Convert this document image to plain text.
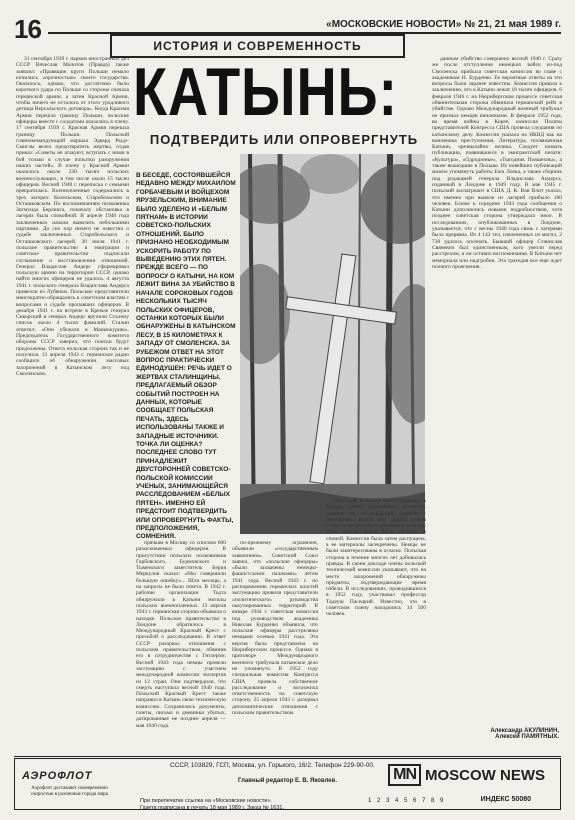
16	«МОСКОВСКИЕ НОВОСТИ» № 21, 21 мая 1989 г.
ИСТОРИЯ И СОВРЕМЕННОСТЬ

31 сентября 1939 г. нарком иностранных дел СССР Вячеслав Молотов (Правда) также заявлял: «Правящие круги Польши немало кичились «прочностью» своего государства. Оказалось, однако, что достаточно было короткого удара по Польше со стороны сначала германской армии, а затем Красной Армии, чтобы ничего не осталось от этого уродливого детища Версальского договора». Когда Красная Армия перешла границу Польши, польские офицеры вместе с солдатами оказались в плену. 17 сентября 1939 г. Красная Армия перешла границу Польши. Польский главнокомандующий маршал Эдвард Рыдз-Смиглы велел предотвратить жертвы, отдав приказ: «Советы не атакуют, вступать с ними в бой только в случае попытки разоружения наших частей». В плену у Красной Армии оказалось около 230 тысяч польских военнослужащих, в том числе около 15 тысяч офицеров. Весной 1940 г. переписка с семьями прекратилась. Военнопленные содержались в трех лагерях: Козельском, Старобельском и Осташковском. По воспоминаниям полковника Зигмунда Берлинга, поначалу обстановка в лагерях была спокойной. В апреле 1940 года заключенных начали вывозить небольшими партиями. До сих пор ничего не известно о судьбе заключенных Старобельского и Осташковского лагерей. 30 июля 1941 г. польское правительство в эмиграции и советское правительство подписали соглашение о восстановлении отношений. Генерал Владислав Андерс сформировал польскую армию на территории СССР, однако найти многих офицеров не удалось. 4 августа 1941 г. польского генерала Владислава Андерса привезли из Лубянки. Польские представители многократно обращались к советским властям с вопросами о судьбе пропавших офицеров. В декабре 1941 г. на встрече в Кремле генерал Сикорский и генерал Андерс вручили Сталину список около 4 тысяч фамилий. Сталин ответил: «Они убежали в Маньчжурию». Председатель Государственного комитета обороны СССР заверил, что поиски будут продолжены. Ответа польская сторона так и не получила. 13 апреля 1943 г. германское радио сообщило об обнаружении массовых захоронений в Катынском лесу под Смоленском.

КАТЫНЬ:
ПОДТВЕРДИТЬ ИЛИ ОПРОВЕРГНУТЬ
В БЕСЕДЕ, СОСТОЯВШЕЙСЯ НЕДАВНО МЕЖДУ МИХАИЛОМ ГОРБАЧЕВЫМ И ВОЙЦЕХОМ ЯРУЗЕЛЬСКИМ, ВНИМАНИЕ БЫЛО УДЕЛЕНО И «БЕЛЫМ ПЯТНАМ» В ИСТОРИИ СОВЕТСКО-ПОЛЬСКИХ ОТНОШЕНИЙ. БЫЛО ПРИЗНАНО НЕОБХОДИМЫМ УСКОРИТЬ РАБОТУ ПО ВЫВЕДЕНИЮ ЭТИХ ПЯТЕН. ПРЕЖДЕ ВСЕГО — ПО ВОПРОСУ О КАТЫНИ, НА КОМ ЛЕЖИТ ВИНА ЗА УБИЙСТВО В НАЧАЛЕ СОРОКОВЫХ ГОДОВ НЕСКОЛЬКИХ ТЫСЯЧ ПОЛЬСКИХ ОФИЦЕРОВ, ОСТАНКИ КОТОРЫХ БЫЛИ ОБНАРУЖЕНЫ В КАТЫНСКОМ ЛЕСУ, В 15 КИЛОМЕТРАХ К ЗАПАДУ ОТ СМОЛЕНСКА. ЗА РУБЕЖОМ ОТВЕТ НА ЭТОТ ВОПРОС ПРАКТИЧЕСКИ ЕДИНОДУШЕН: РЕЧЬ ИДЕТ О ЖЕРТВАХ СТАЛИНЩИНЫ. ПРЕДЛАГАЕМЫЙ ОБЗОР СОБЫТИЙ ПОСТРОЕН НА ДАННЫХ, КОТОРЫЕ СООБЩАЕТ ПОЛЬСКАЯ ПЕЧАТЬ, ЗДЕСЬ ИСПОЛЬЗОВАНЫ ТАКЖЕ И ЗАПАДНЫЕ ИСТОЧНИКИ. ТОЧКА ЛИ ОЦЕНКА? ПОСЛЕДНЕЕ СЛОВО ТУТ ПРИНАДЛЕЖИТ ДВУСТОРОННЕЙ СОВЕТСКО-ПОЛЬСКОЙ КОМИССИИ УЧЕНЫХ, ЗАНИМАЮЩЕЙСЯ РАССЛЕДОВАНИЕМ «БЕЛЫХ ПЯТЕН». ИМЕННО ЕЙ ПРЕДСТОИТ ПОДТВЕРДИТЬ ИЛИ ОПРОВЕРГНУТЬ ФАКТЫ, ПРЕДПОЛОЖЕНИЯ, СОМНЕНИЯ.

прячкам в Москву со списком 600 разыскиваемых офицеров. В присутствии польских полковников Горбовского, Бурмовского и Тыменского заместитель Берия Меркулов сказал: «Мы совершили большую ошибку»... Шли месяцы, а на запросы не было ответа. В 1942 г. рабочие организации Тодта обнаружили в Катыни могилы польских военнопленных. 13 апреля 1943 г. германская сторона объявила о находке. Польское правительство в Лондоне обратилось в Международный Красный Крест с просьбой о расследовании. В ответ СССР разорвал отношения с польским правительством, обвинив его в сотрудничестве с Гитлером. Весной 1943 года немцы провели эксгумацию с участием международной комиссии экспертов из 12 стран. Они подтвердили, что смерть наступила весной 1940 года. Польский Красный Крест также направил в Катынь свою техническую комиссию. Сохранились документы, газеты, письма и дневники убитых, датированные не позднее апреля — мая 1940 года.

по-прежнему ограничен, объявили «государственным заявлением». Советский Союз заявил, что «польские офицеры» «были захвачены немецко-фашистскими палачами» летом 1941 года. Весной 1943 г. по распоряжению германских властей эксгумацию провели представители «политического» руководства оккупированных территорий. В январе 1944 г. советская комиссия под руководством академика Николая Бурденко объявила, что польские офицеры расстреляны немцами осенью 1941 года. Эта версия была представлена на Нюрнбергском процессе. Однако в приговоре Международного военного трибунала катынское дело не упомянуто. В 1952 году специальная комиссия Конгресса США провела собственное расследование и возложила ответственность на советскую сторону. 25 апреля 1943 г. разорвал дипломатические отношения с польским правительством.

Польский Красный Крест направил в Катынь группу технических экспертов. Данные их исследований совпали с немецкими. Почти все черепа имели следы огнестрельного ранения в затылок. Руки многих жертв были связаны за спиной. Комиссия была затем распущена, а ее материалы засекречены. Немцы не были заинтересованы в огласке. Польская сторона в течение многих лет добивалась правды. В своем докладе члены польской технической комиссии указывают, что на месте захоронений обнаружены предметы, подтверждающие время гибели. В исследованиях, проводившихся в 1952 году, участвовал профессор Тадеуш Пасецкий. Известно, что в советском плену находились 14 500 человек.

данным убийство совершено весной 1940 г. Сразу же после отступления немецких войск из-под Смоленска прибыла советская комиссия во главе с академиком Н. Бурденко. Ее вероятные ответы на эти вопросы были заранее известны. Комиссия пришла к заключению, что в Катыни лежат 10 тысяч офицеров. 6 февраля 1946 г. на Нюрнбергском процессе советская обвинительная сторона обвинила германский рейх в убийстве. Однако Международный военный трибунал не признал немцев виновными. В феврале 1952 года, во время войны в Корее, комиссия Палаты представителей Конгресса США провела слушания по катынскому делу. Комиссия указала на НКВД как на виновника преступления. Литература, посвященная Катыни, чрезвычайно велика. Следует назвать публикации, появившиеся в эмигрантской печати: «Культура», «Одродзенье», «Тыгодник Повшехны», а также вышедшие в Польше. Из новейших публикаций можно упомянуть работы Ежи Лоека, а также сборник под редакцией генерала Владислава Андерса, изданный в Лондоне в 1949 году. В мае 1945 г. польский экспатриант в США Д. К. Ван Влит указал, что именно при вывозе из лагерей прибыло 180 человек. Ближе к середине 1943 года сообщения о Катыни дополнились новыми подробностями, хотя позднее советская сторона утверждала иное. В исследованиях, опубликованных в Лондоне, указывается, что с весны 1940 года связь с лагерями была прервана. Из 4 143 тел, извлеченных из могил, 2 730 удалось опознать. Бывший офицер Станислав Свяневич был единственным, кого увезли перед расстрелом, и он оставил воспоминания. В Катыни нет мемориала или надгробия. Эта трагедия все еще ждет полного прояснения.

Александр АКУЛИНИН,
Алексей ПАМЯТНЫХ.
АЭРОФЛОТ
Аэрофлот доставляет своевременно скоростью в различные города мира
СССР, 103829, ГСП, Москва, ул. Горького, 16/2. Телефон 229-90-00.
Главный редактор Е. В. Яковлев.
При перепечатке ссылка на «Московские новости».
Газета подписана в печать 18 мая 1989 г. Заказ № 1631.
1 2 3 4 5 6 7 8 9
MN MOSCOW NEWS
ИНДЕКС 50080
